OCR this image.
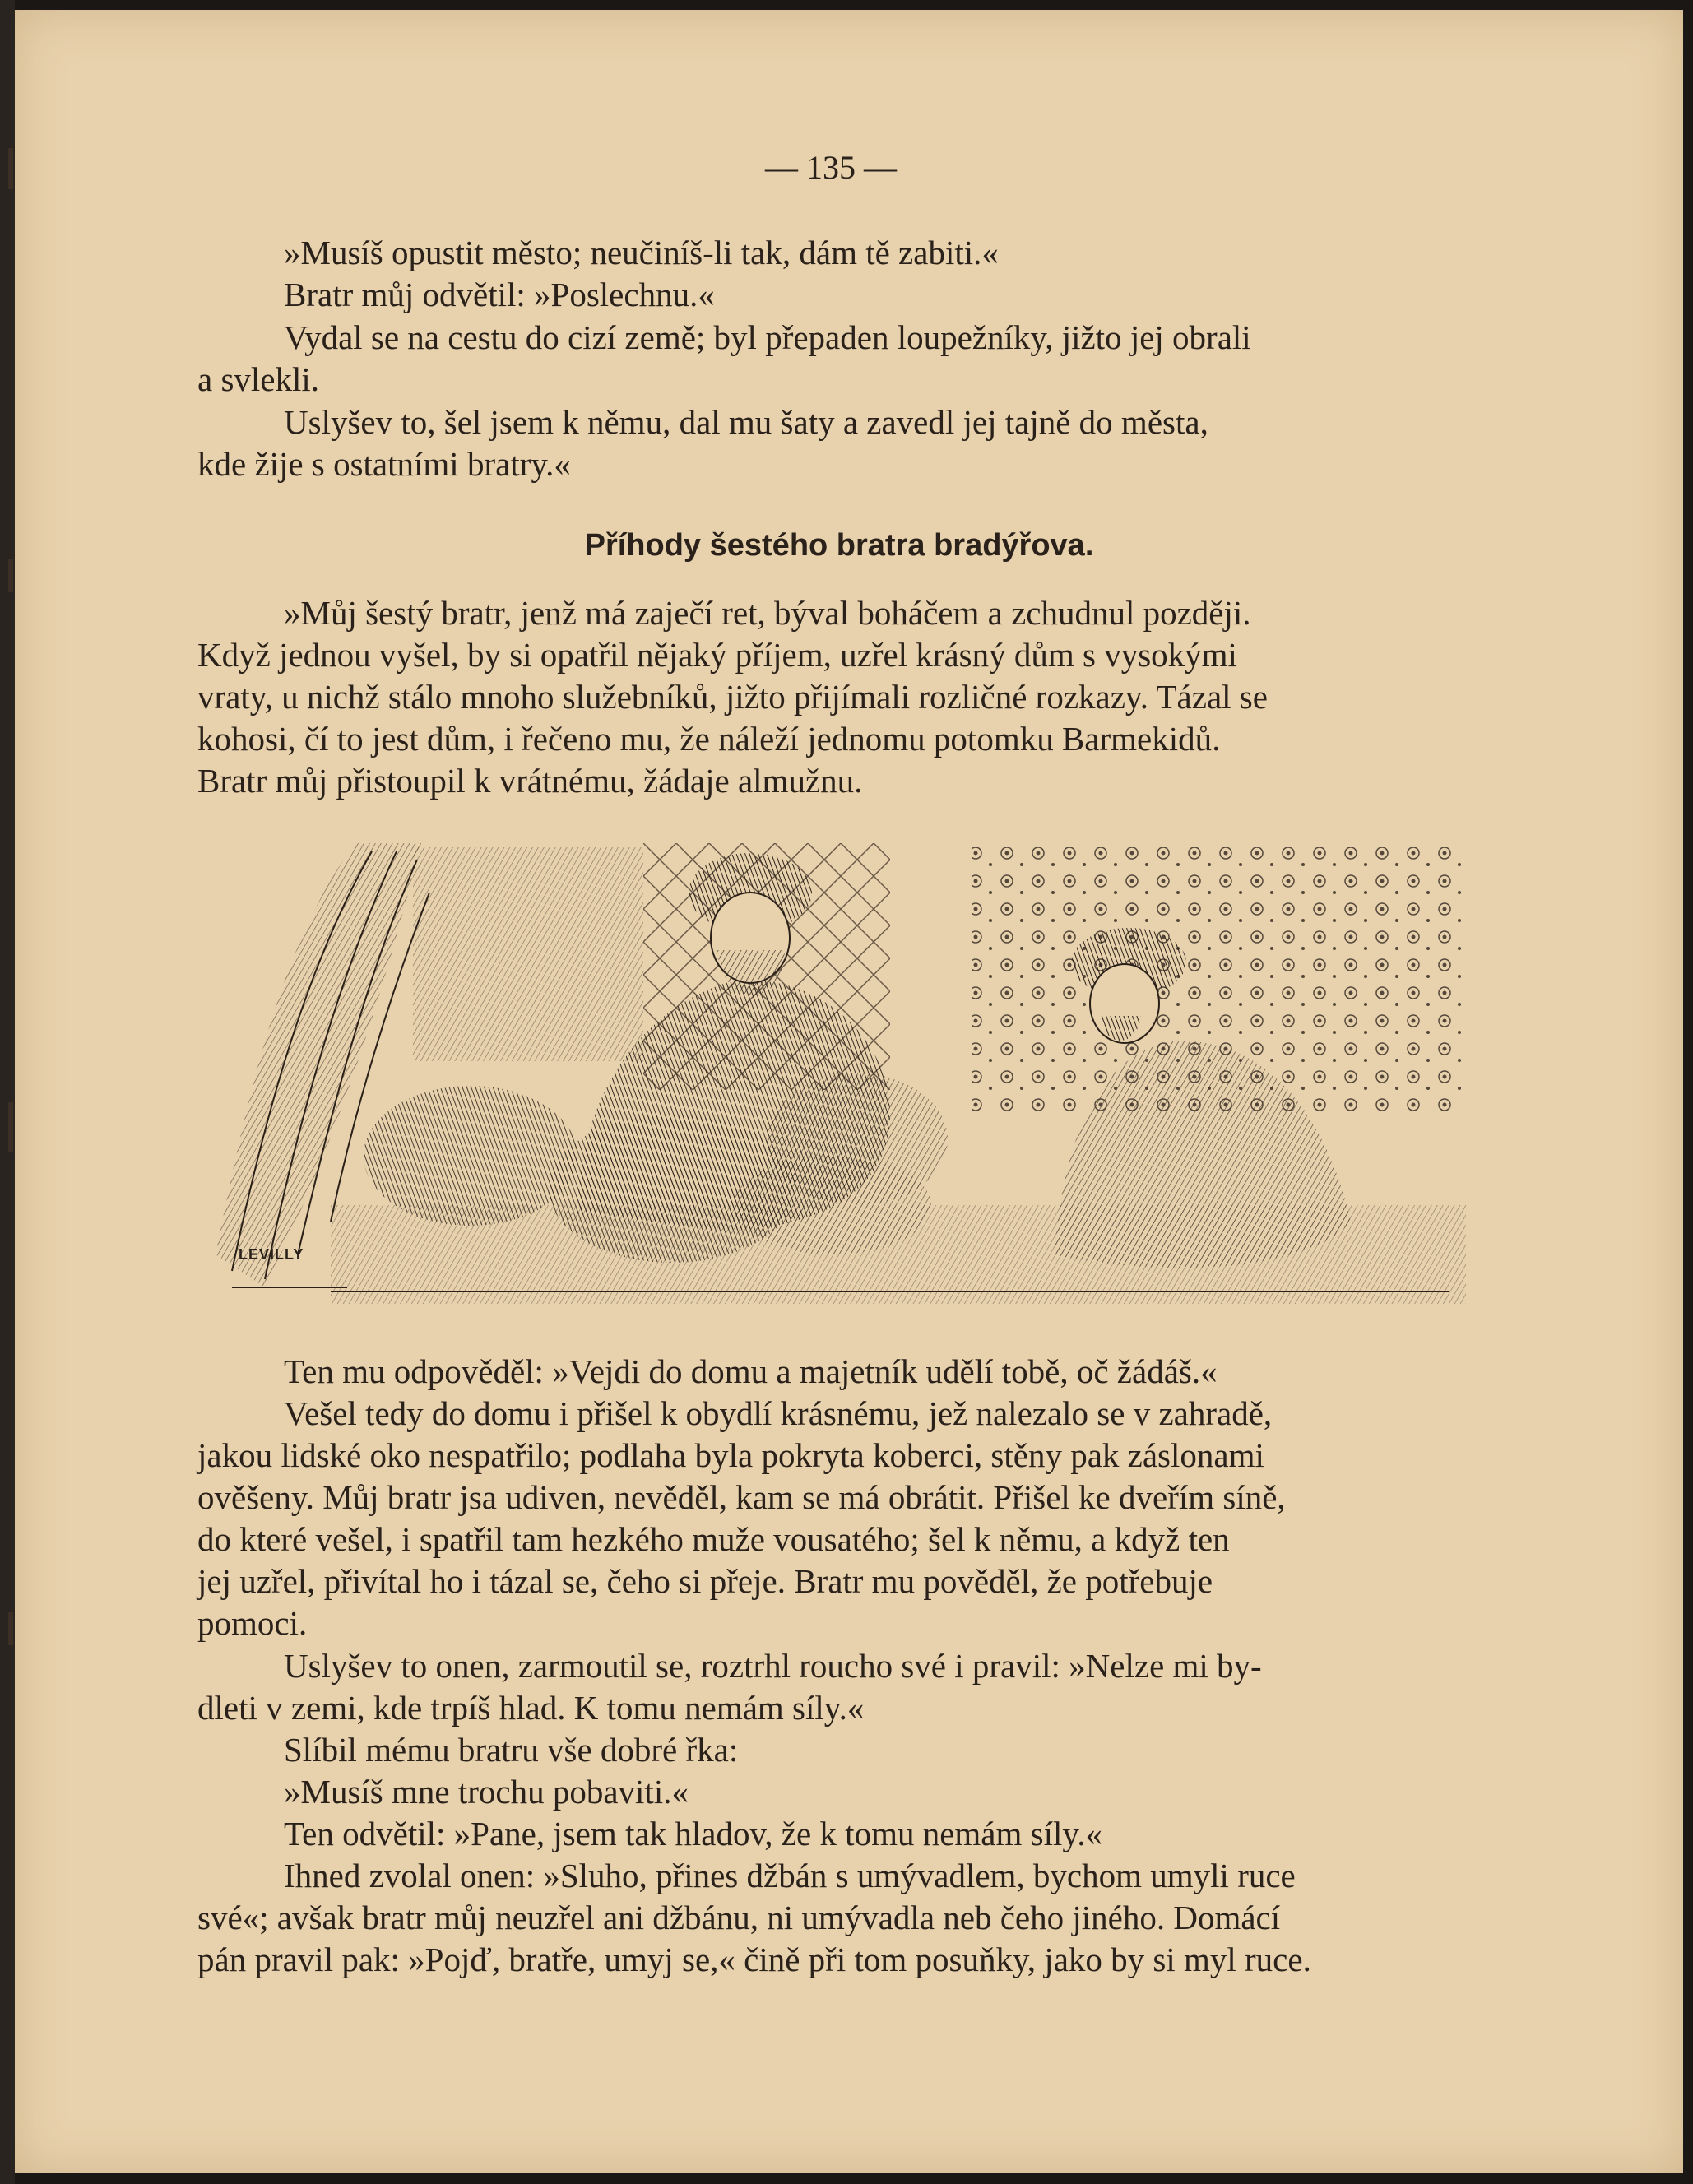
— 135 —

»Musíš opustit město; neučiníš-li tak, dám tě zabiti.«

Bratr můj odvětil: »Poslechnu.«

Vydal se na cestu do cizí země; byl přepaden loupežníky, jižto jej obrali
a svlekli.

Uslyšev to, šel jsem k němu, dal mu šaty a zavedl jej tajně do města,
kde žije s ostatními bratry.«

Příhody šestého bratra bradýřova.

»Můj šestý bratr, jenž má zaječí ret, býval boháčem a zchudnul později.
Když jednou vyšel, by si opatřil nějaký příjem, uzřel krásný dům s vysokými
vraty, u nichž stálo mnoho služebníků, jižto přijímali rozličné rozkazy. Tázal se
kohosi, čí to jest dům, i řečeno mu, že náleží jednomu potomku Barmekidů.
Bratr můj přistoupil k vrátnému, žádaje almužnu.

LEVILLY

Ten mu odpověděl: »Vejdi do domu a majetník udělí tobě, oč žádáš.«

Vešel tedy do domu i přišel k obydlí krásnému, jež nalezalo se v zahradě,
jakou lidské oko nespatřilo; podlaha byla pokryta koberci, stěny pak záslonami
ověšeny. Můj bratr jsa udiven, nevěděl, kam se má obrátit. Přišel ke dveřím síně,
do které vešel, i spatřil tam hezkého muže vousatého; šel k němu, a když ten
jej uzřel, přivítal ho i tázal se, čeho si přeje. Bratr mu pověděl, že potřebuje
pomoci.

Uslyšev to onen, zarmoutil se, roztrhl roucho své i pravil: »Nelze mi by-
dleti v zemi, kde trpíš hlad. K tomu nemám síly.«

Slíbil mému bratru vše dobré řka:

»Musíš mne trochu pobaviti.«

Ten odvětil: »Pane, jsem tak hladov, že k tomu nemám síly.«

Ihned zvolal onen: »Sluho, přines džbán s umývadlem, bychom umyli ruce
své«; avšak bratr můj neuzřel ani džbánu, ni umývadla neb čeho jiného. Domácí
pán pravil pak: »Pojď, bratře, umyj se,« čině při tom posuňky, jako by si myl ruce.
